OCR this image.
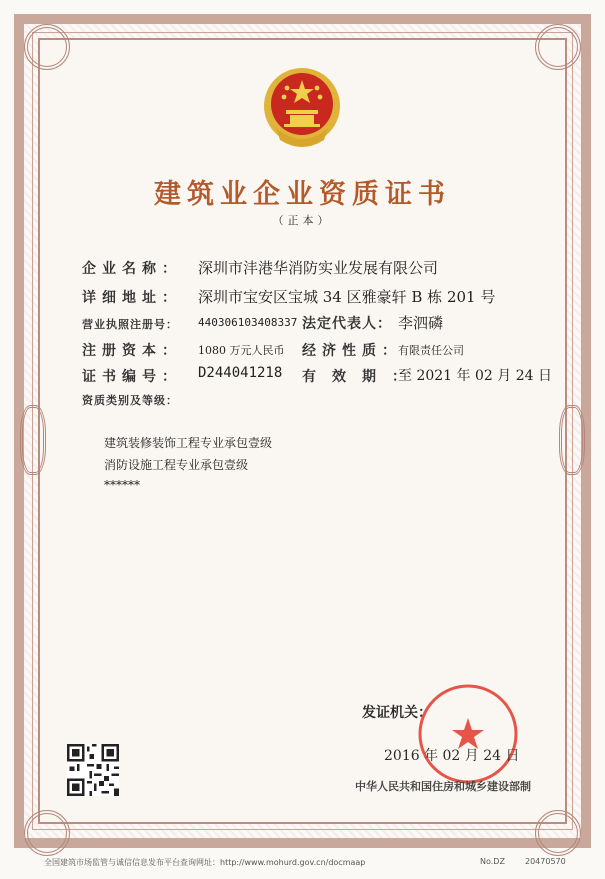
建筑业企业资质证书
（正本）
企业名称： 深圳市沣港华消防实业发展有限公司
详细地址： 深圳市宝安区宝城 34 区雅豪轩 B 栋 201 号
营业执照注册号： 440306103408337 法定代表人： 李泗磷
注册资本： 1080 万元人民币 经济性质：
有限责任公司
证书编号： D244041218 有效期：
至 2021 年 02 月 24 日
资质类别及等级：
建筑装修装饰工程专业承包壹级
消防设施工程专业承包壹级
******
发证机关：
2016 年 02 月 24 日
中华人民共和国住房和城乡建设部制
全国建筑市场监管与诚信信息发布平台查询网址：http://www.mohurd.gov.cn/docmaap	No.DZ	20470570
